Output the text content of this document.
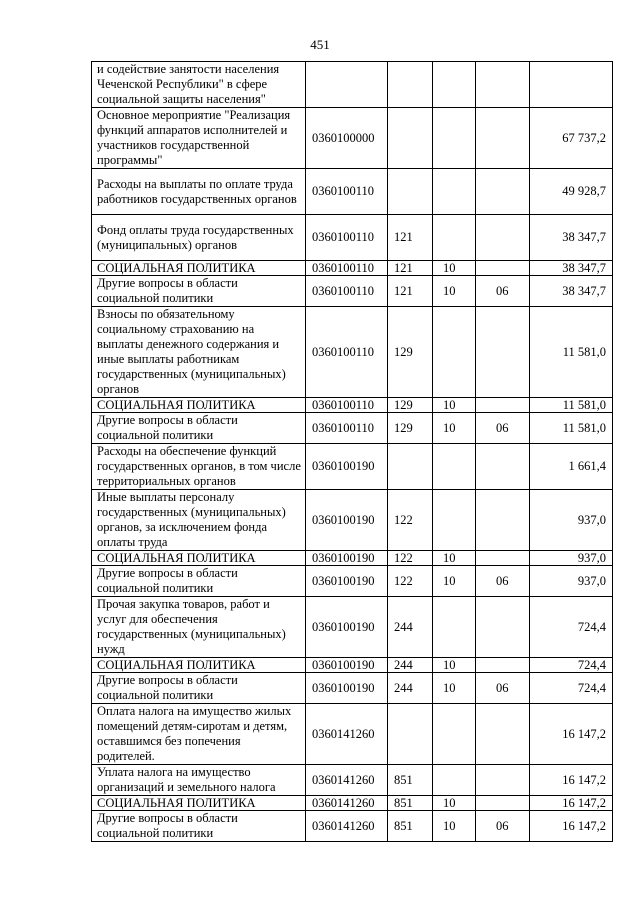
451
и содействие занятости населения Чеченской Республики" в сфере социальной защиты населения"					
Основное мероприятие "Реализация функций аппаратов исполнителей и участников государственной программы"	0360100000				67 737,2
Расходы на выплаты по оплате труда работников государственных органов	0360100110				49 928,7
Фонд оплаты труда государственных (муниципальных) органов	0360100110	121			38 347,7
СОЦИАЛЬНАЯ ПОЛИТИКА	0360100110	121	10		38 347,7
Другие вопросы в области социальной политики	0360100110	121	10	06	38 347,7
Взносы по обязательному социальному страхованию на выплаты денежного содержания и иные выплаты работникам государственных (муниципальных) органов	0360100110	129			11 581,0
СОЦИАЛЬНАЯ ПОЛИТИКА	0360100110	129	10		11 581,0
Другие вопросы в области социальной политики	0360100110	129	10	06	11 581,0
Расходы на обеспечение функций государственных органов, в том числе территориальных органов	0360100190				1 661,4
Иные выплаты персоналу государственных (муниципальных) органов, за исключением фонда оплаты труда	0360100190	122			937,0
СОЦИАЛЬНАЯ ПОЛИТИКА	0360100190	122	10		937,0
Другие вопросы в области социальной политики	0360100190	122	10	06	937,0
Прочая закупка товаров, работ и услуг для обеспечения государственных (муниципальных) нужд	0360100190	244			724,4
СОЦИАЛЬНАЯ ПОЛИТИКА	0360100190	244	10		724,4
Другие вопросы в области социальной политики	0360100190	244	10	06	724,4
Оплата налога на имущество жилых помещений детям-сиротам и детям, оставшимся без попечения родителей.	0360141260				16 147,2
Уплата налога на имущество организаций и земельного налога	0360141260	851			16 147,2
СОЦИАЛЬНАЯ ПОЛИТИКА	0360141260	851	10		16 147,2
Другие вопросы в области социальной политики	0360141260	851	10	06	16 147,2
